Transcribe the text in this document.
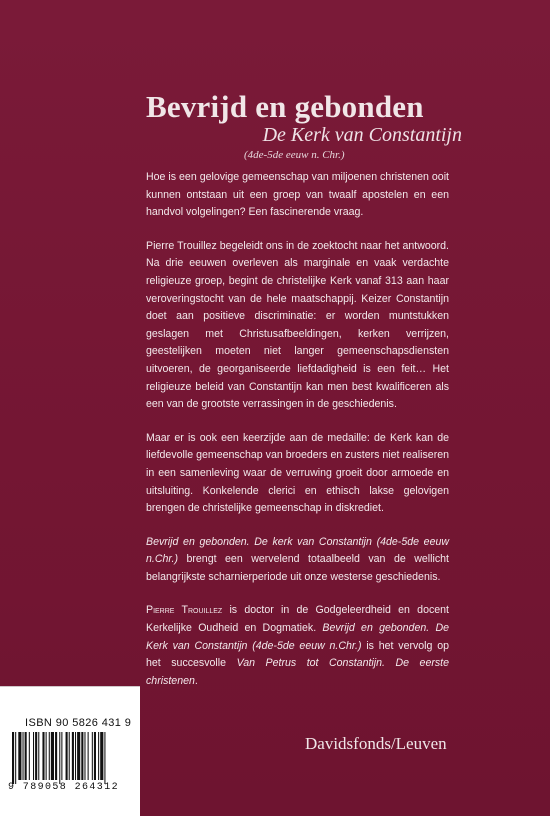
Bevrijd en gebonden

De Kerk van Constantijn

(4de-5de eeuw n. Chr.)

Hoe is een gelovige gemeenschap van miljoenen christenen ooit kunnen ontstaan uit een groep van twaalf apostelen en een handvol volgelingen? Een fascinerende vraag.

Pierre Trouillez begeleidt ons in de zoektocht naar het antwoord. Na drie eeuwen overleven als marginale en vaak verdachte religieuze groep, begint de christelijke Kerk vanaf 313 aan haar veroveringstocht van de hele maatschappij. Keizer Constantijn doet aan positieve discriminatie: er worden muntstukken geslagen met Christusafbeeldingen, kerken verrijzen, geestelijken moeten niet langer gemeenschapsdiensten uitvoeren, de georganiseerde liefdadigheid is een feit… Het religieuze beleid van Constantijn kan men best kwalificeren als een van de grootste verrassingen in de geschiedenis.

Maar er is ook een keerzijde aan de medaille: de Kerk kan de liefdevolle gemeenschap van broeders en zusters niet realiseren in een samenleving waar de verruwing groeit door armoede en uitsluiting. Konkelende clerici en ethisch lakse gelovigen brengen de christelijke gemeenschap in diskrediet.

Bevrijd en gebonden. De kerk van Constantijn (4de-5de eeuw n.Chr.) brengt een wervelend totaalbeeld van de wellicht belangrijkste scharnierperiode uit onze westerse geschiedenis.

Pierre Trouillez is doctor in de Godgeleerdheid en docent Kerkelijke Oudheid en Dogmatiek. Bevrijd en gebonden. De Kerk van Constantijn (4de-5de eeuw n.Chr.) is het vervolg op het succesvolle Van Petrus tot Constantijn. De eerste christenen.

Davidsfonds/Leuven
ISBN 90 5826 431 9
9 789058 264312
